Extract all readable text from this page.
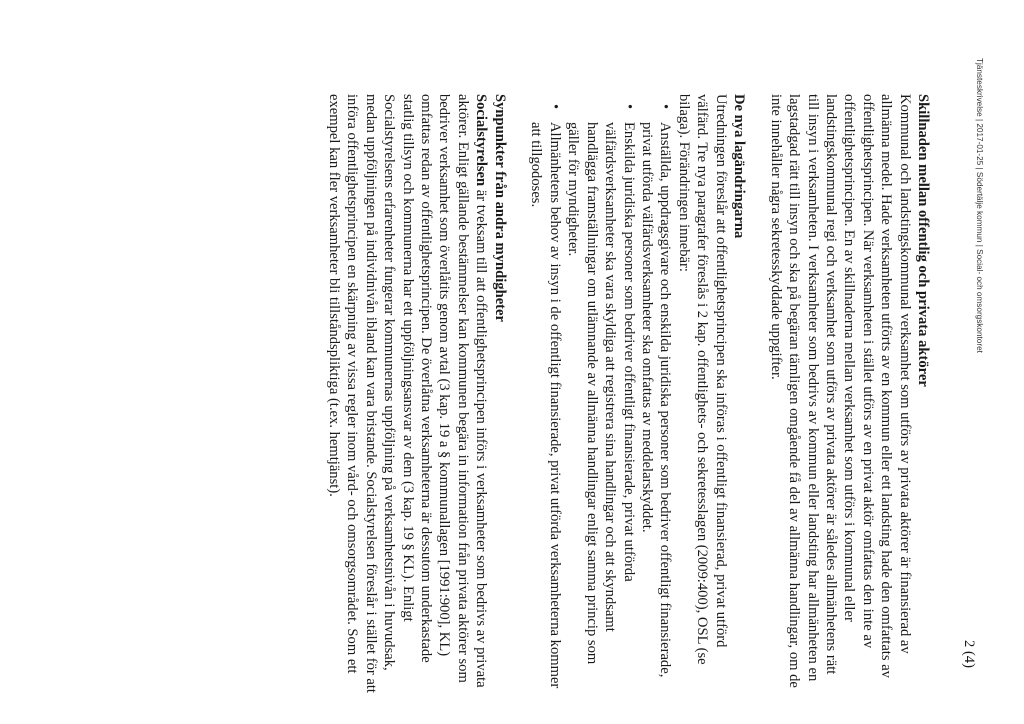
Tjänsteskrivelse | 2017-01-25 | Södertälje kommun | Social- och omsorgskontoret
2 (4)
Skillnaden mellan offentlig och privata aktörer

Kommunal och landstingskommunal verksamhet som utförs av privata aktörer är finansierad av allmänna medel. Hade verksamheten utförts av en kommun eller ett landsting hade den omfattats av offentlighetsprincipen. När verksamheten i stället utförs av en privat aktör omfattas den inte av offentlighetsprincipen. En av skillnaderna mellan verksamhet som utförs i kommunal eller landstingskommunal regi och verksamhet som utförs av privata aktörer är således allmänhetens rätt till insyn i verksamheten. I verksamheter som bedrivs av kommun eller landsting har allmänheten en lagstadgad rätt till insyn och ska på begäran tämligen omgående få del av allmänna handlingar, om de inte innehåller några sekretesskyddade uppgifter.

De nya lagändringarna

Utredningen föreslår att offentlighetsprincipen ska införas i offentligt finansierad, privat utförd välfärd. Tre nya paragrafer föreslås i 2 kap. offentlighets- och sekretesslagen (2009:400), OSL (se bilaga). Förändringen innebär:

• Anställda, uppdragsgivare och enskilda juridiska personer som bedriver offentligt finansierade, privat utförda välfärdsverksamheter ska omfattas av meddelarskyddet.
• Enskilda juridiska personer som bedriver offentligt finansierade, privat utförda välfärdsverksamheter ska vara skyldiga att registrera sina handlingar och att skyndsamt handlägga framställningar om utlämnande av allmänna handlingar enligt samma princip som gäller för myndigheter.
• Allmänhetens behov av insyn i de offentligt finansierade, privat utförda verksamheterna kommer att tillgodoses.
Synpunkter från andra myndigheter

Socialstyrelsen är tveksam till att offentlighetsprincipen införs i verksamheter som bedrivs av privata aktörer. Enligt gällande bestämmelser kan kommunen begära in information från privata aktörer som bedriver verksamhet som överlåtits genom avtal (3 kap. 19 a § kommunallagen [1991:900], KL) omfattas redan av offentlighetsprincipen. De överlåtna verksamheterna är dessutom underkastade statlig tillsyn och kommunerna har ett uppföljningsansvar av dem (3 kap. 19 § KL). Enligt Socialstyrelsens erfarenheter fungerar kommunernas uppföljning på verksamhetsnivån i huvudsak, medan uppföljningen på individnivån ibland kan vara bristande. Socialstyrelsen föreslår i stället för att införa offentlighetsprincipen en skärpning av vissa regler inom vård- och omsorgsområdet. Som ett exempel kan fler verksamheter bli tillståndspliktiga (t.ex. hemtjänst).
